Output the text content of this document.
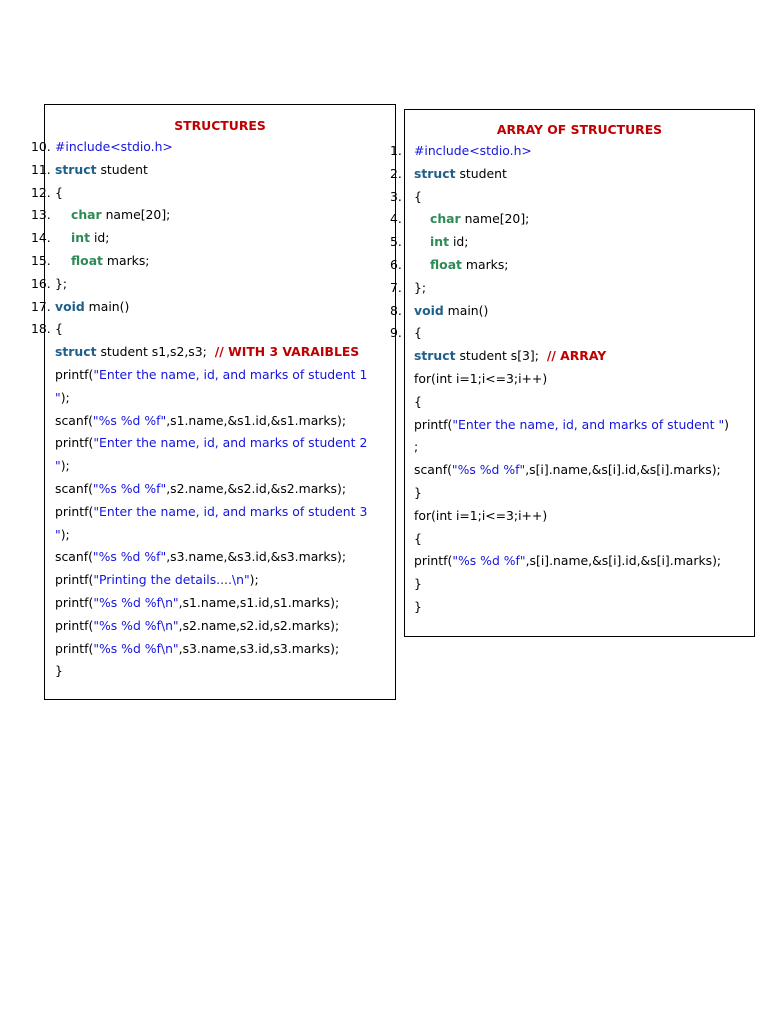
STRUCTURES	ARRAY OF STRUCTURES
10. #include<stdio.h>
11. struct student
12. {
13. char name[20];
14. int id;
15. float marks;
16. };
17. void main()
18. {
struct student s1,s2,s3;  // WITH 3 VARAIBLES
printf("Enter the name, id, and marks of student 1
");
scanf("%s %d %f",s1.name,&s1.id,&s1.marks);
printf("Enter the name, id, and marks of student 2
");
scanf("%s %d %f",s2.name,&s2.id,&s2.marks);
printf("Enter the name, id, and marks of student 3
");
scanf("%s %d %f",s3.name,&s3.id,&s3.marks);
printf("Printing the details....\n");
printf("%s %d %f\n",s1.name,s1.id,s1.marks);
printf("%s %d %f\n",s2.name,s2.id,s2.marks);
printf("%s %d %f\n",s3.name,s3.id,s3.marks);
}
1. #include<stdio.h>
2. struct student
3. {
4. char name[20];
5. int id;
6. float marks;
7. };
8. void main()
9. {
struct student s[3];  // ARRAY
for(int i=1;i<=3;i++)
{
printf("Enter the name, id, and marks of student ")
;
scanf("%s %d %f",s[i].name,&s[i].id,&s[i].marks);
}
for(int i=1;i<=3;i++)
{
printf("%s %d %f",s[i].name,&s[i].id,&s[i].marks);
}
}
